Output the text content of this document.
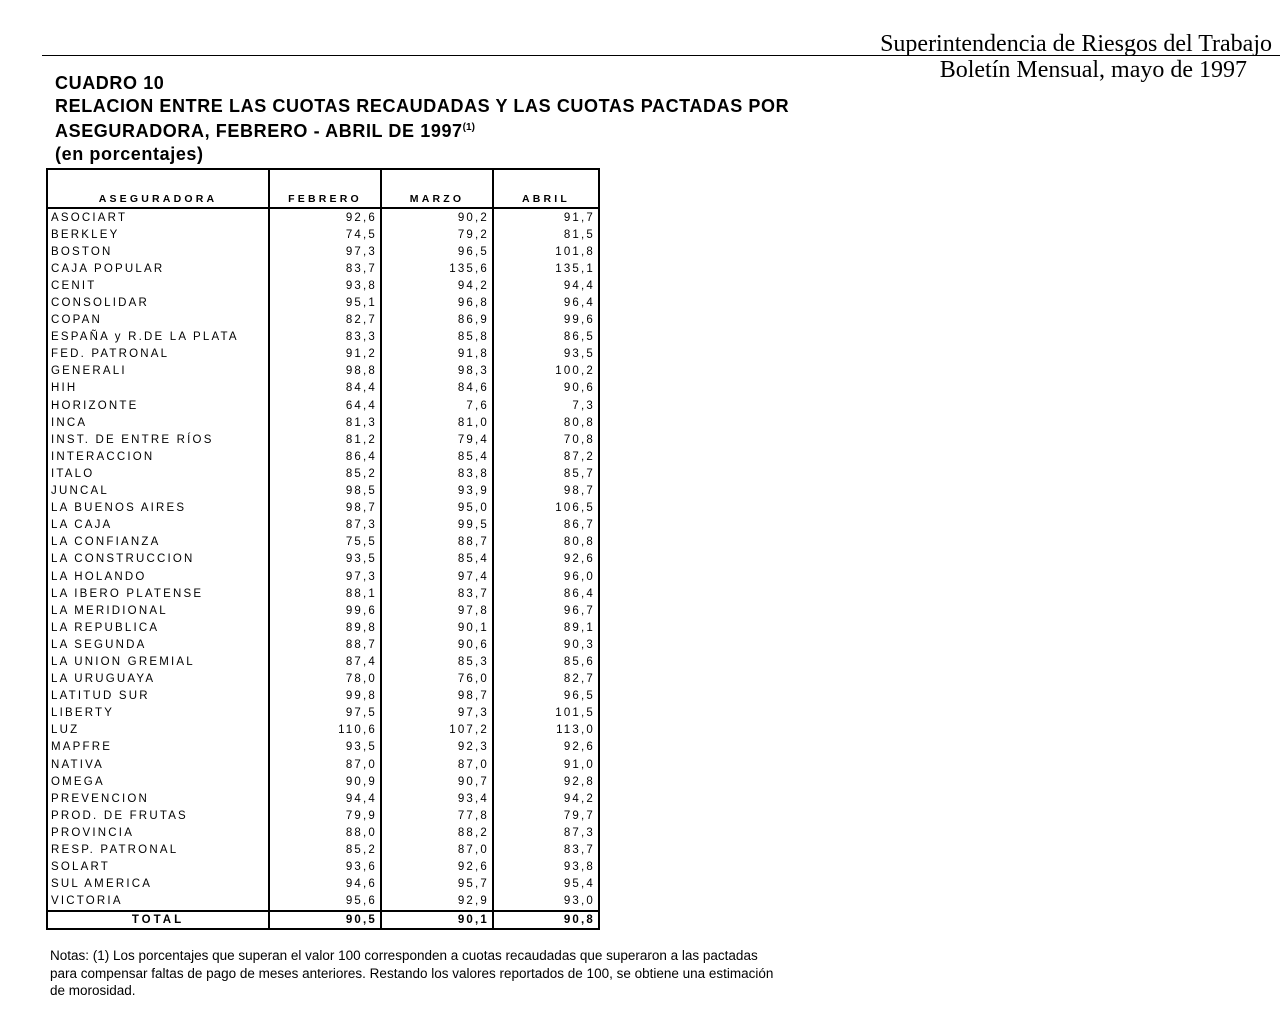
Superintendencia de Riesgos del Trabajo
Boletín Mensual, mayo de 1997
CUADRO 10
RELACION ENTRE LAS CUOTAS RECAUDADAS Y LAS CUOTAS PACTADAS POR
ASEGURADORA, FEBRERO - ABRIL DE 1997$^{(1)}$
(en porcentajes)
ASEGURADORA	FEBRERO	MARZO	ABRIL
ASOCIART	92,6	90,2	91,7
BERKLEY	74,5	79,2	81,5
BOSTON	97,3	96,5	101,8
CAJA POPULAR	83,7	135,6	135,1
CENIT	93,8	94,2	94,4
CONSOLIDAR	95,1	96,8	96,4
COPAN	82,7	86,9	99,6
ESPAÑA y R.DE LA PLATA	83,3	85,8	86,5
FED. PATRONAL	91,2	91,8	93,5
GENERALI	98,8	98,3	100,2
HIH	84,4	84,6	90,6
HORIZONTE	64,4	7,6	7,3
INCA	81,3	81,0	80,8
INST. DE ENTRE RÍOS	81,2	79,4	70,8
INTERACCION	86,4	85,4	87,2
ITALO	85,2	83,8	85,7
JUNCAL	98,5	93,9	98,7
LA BUENOS AIRES	98,7	95,0	106,5
LA CAJA	87,3	99,5	86,7
LA CONFIANZA	75,5	88,7	80,8
LA CONSTRUCCION	93,5	85,4	92,6
LA HOLANDO	97,3	97,4	96,0
LA IBERO PLATENSE	88,1	83,7	86,4
LA MERIDIONAL	99,6	97,8	96,7
LA REPUBLICA	89,8	90,1	89,1
LA SEGUNDA	88,7	90,6	90,3
LA UNION GREMIAL	87,4	85,3	85,6
LA URUGUAYA	78,0	76,0	82,7
LATITUD SUR	99,8	98,7	96,5
LIBERTY	97,5	97,3	101,5
LUZ	110,6	107,2	113,0
MAPFRE	93,5	92,3	92,6
NATIVA	87,0	87,0	91,0
OMEGA	90,9	90,7	92,8
PREVENCION	94,4	93,4	94,2
PROD. DE FRUTAS	79,9	77,8	79,7
PROVINCIA	88,0	88,2	87,3
RESP. PATRONAL	85,2	87,0	83,7
SOLART	93,6	92,6	93,8
SUL AMERICA	94,6	95,7	95,4
VICTORIA	95,6	92,9	93,0
TOTAL	90,5	90,1	90,8
Notas: (1) Los porcentajes que superan el valor 100 corresponden a cuotas recaudadas que superaron a las pactadas
para compensar faltas de pago de meses anteriores. Restando los valores reportados de 100, se obtiene una estimación
de morosidad.
